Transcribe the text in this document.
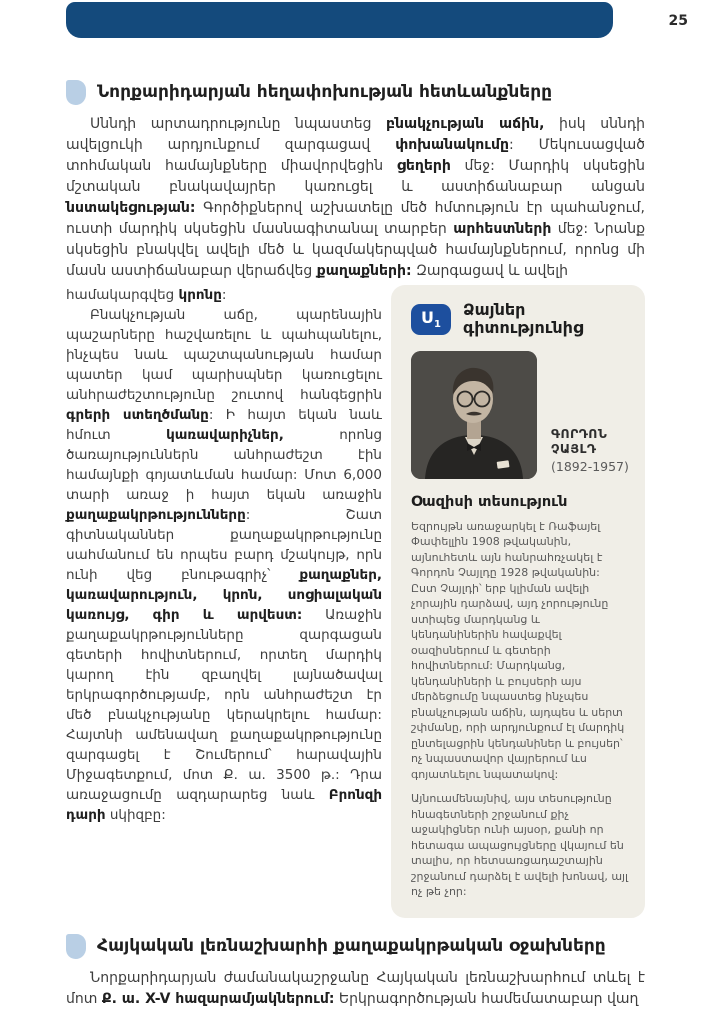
25
Նորքարիդարյան հեղափոխության հետևանքները

Սննդի արտադրությունը նպաստեց բնակչության աճին, իսկ սննդի ավելցուկի արդյունքում զարգացավ փոխանակումը: Մեկուսացված տոհմական համայնքները միավորվեցին ցեղերի մեջ: Մարդիկ սկսեցին մշտական բնակավայրեր կառուցել և աստիճանաբար անցան նստակեցության: Գործիքներով աշխատելը մեծ հմտություն էր պահանջում, ուստի մարդիկ սկսեցին մասնագիտանալ տարբեր արհեստների մեջ: Նրանք սկսեցին բնակվել ավելի մեծ և կազմակերպված համայնքներում, որոնց մի մասն աստիճանաբար վերաճվեց քաղաքների: Զարգացավ և ավելի

համակարգվեց կրոնը:

Բնակչության աճը, պարենային պաշարները հաշվառելու և պահպանելու, ինչպես նաև պաշտպանության համար պատեր կամ պարիսպներ կառուցելու անհրաժեշտությունը շուտով հանգեցրին գրերի ստեղծմանը: Ի հայտ եկան նաև հմուտ կառավարիչներ, որոնց ծառայություններն անհրաժեշտ էին համայնքի գոյատևման համար: Մոտ 6,000 տարի առաջ ի հայտ եկան առաջին քաղաքակրթությունները: Շատ գիտնականներ քաղաքակրթությունը սահմանում են որպես բարդ մշակույթ, որն ունի վեց բնութագրիչ՝ քաղաքներ, կառավարություն, կրոն, սոցիալական կառույց, գիր և արվեստ: Առաջին քաղաքակրթությունները զարգացան գետերի հովիտներում, որտեղ մարդիկ կարող էին զբաղվել լայնածավալ երկրագործությամբ, որն անհրաժեշտ էր մեծ բնակչությանը կերակրելու համար: Հայտնի ամենավաղ քաղաքակրթությունը զարգացել է Շումերում՝ հարավային Միջագետքում, մոտ Ք. ա. 3500 թ.: Դրա առաջացումը ազդարարեց նաև Բրոնզի դարի սկիզբը:

$U_1$
Ձայներ գիտությունից
ԳՈՐԴՈՆ ՉԱՅԼԴ
(1892-1957)
Օազիսի տեսություն

Եզրույթն առաջարկել է Ռաֆայել Փափելլին 1908 թվականին, այնուհետև այն հանրահռչակել է Գորդոն Չայլդը 1928 թվականին: Ըստ Չայլդի՝ երբ կլիման ավելի չորային դարձավ, այդ չորությունը ստիպեց մարդկանց և կենդանիներին հավաքվել օազիսներում և գետերի հովիտներում: Մարդկանց, կենդանիների և բույսերի այս մերձեցումը նպաստեց ինչպես բնակչության աճին, այդպես և սերտ շփմանը, որի արդյունքում էլ մարդիկ ընտելացրին կենդանիներ և բույսեր՝ ոչ նպաստավոր վայրերում ևս գոյատևելու նպատակով:

Այնուամենայնիվ, այս տեսությունը հնագետների շրջանում քիչ աջակիցներ ունի այսօր, քանի որ հետագա ապացույցները վկայում են տալիս, որ հետսառցադաշտային շրջանում դարձել է ավելի խոնավ, այլ ոչ թե չոր:

Հայկական լեռնաշխարհի քաղաքակրթական օջախները

Նորքարիդարյան ժամանակաշրջանը Հայկական լեռնաշխարհում տևել է մոտ Ք. ա. X-V հազարամյակներում: Երկրագործության համեմատաբար վաղ
